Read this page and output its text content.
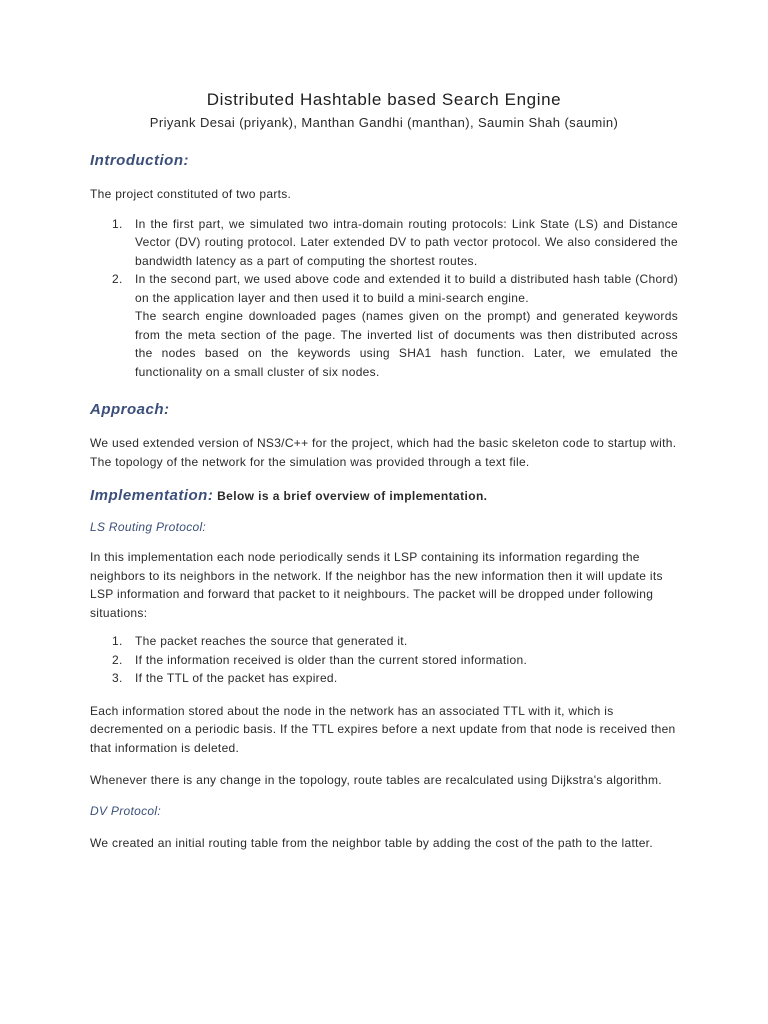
Distributed Hashtable based Search Engine
Priyank Desai (priyank), Manthan Gandhi (manthan), Saumin Shah (saumin)
Introduction:

The project constituted of two parts.

1. In the first part, we simulated two intra-domain routing protocols: Link State (LS) and Distance Vector (DV) routing protocol. Later extended DV to path vector protocol. We also considered the bandwidth latency as a part of computing the shortest routes.
2. In the second part, we used above code and extended it to build a distributed hash table (Chord) on the application layer and then used it to build a mini-search engine.
The search engine downloaded pages (names given on the prompt) and generated keywords from the meta section of the page. The inverted list of documents was then distributed across the nodes based on the keywords using SHA1 hash function. Later, we emulated the functionality on a small cluster of six nodes.
Approach:

We used extended version of NS3/C++ for the project, which had the basic skeleton code to startup with. The topology of the network for the simulation was provided through a text file.

Implementation: Below is a brief overview of implementation.
LS Routing Protocol:

In this implementation each node periodically sends it LSP containing its information regarding the neighbors to its neighbors in the network. If the neighbor has the new information then it will update its LSP information and forward that packet to it neighbours. The packet will be dropped under following situations:

1. The packet reaches the source that generated it.
2. If the information received is older than the current stored information.
3. If the TTL of the packet has expired.

Each information stored about the node in the network has an associated TTL with it, which is decremented on a periodic basis. If the TTL expires before a next update from that node is received then that information is deleted.

Whenever there is any change in the topology, route tables are recalculated using Dijkstra's algorithm.

DV Protocol:

We created an initial routing table from the neighbor table by adding the cost of the path to the latter.
